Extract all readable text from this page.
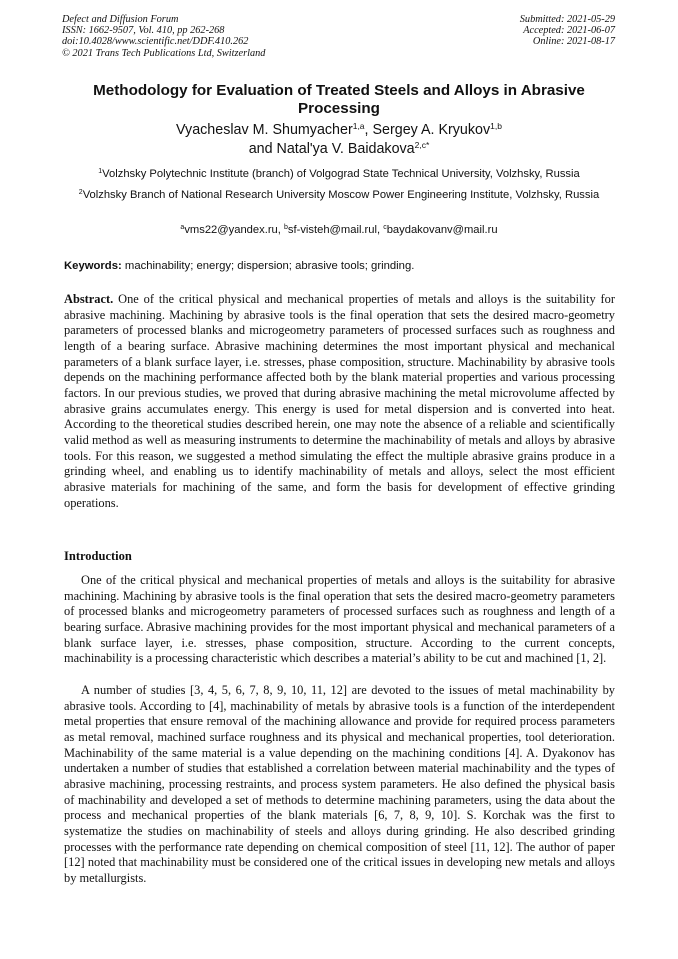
Defect and Diffusion Forum
ISSN: 1662-9507, Vol. 410, pp 262-268
doi:10.4028/www.scientific.net/DDF.410.262
© 2021 Trans Tech Publications Ltd, Switzerland
Submitted: 2021-05-29
Accepted: 2021-06-07
Online: 2021-08-17
Methodology for Evaluation of Treated Steels and Alloys in Abrasive Processing
Vyacheslav M. Shumyacher$^{1,a}$, Sergey A. Kryukov$^{1,b}$
and Natal'ya V. Baidakova$^{2,c*}$
$^1$Volzhsky Polytechnic Institute (branch) of Volgograd State Technical University, Volzhsky, Russia
$^2$Volzhsky Branch of National Research University Moscow Power Engineering Institute, Volzhsky, Russia
$^a$vms22@yandex.ru, $^b$sf-visteh@mail.rul, $^c$baydakovanv@mail.ru
Keywords: machinability; energy; dispersion; abrasive tools; grinding.
Abstract. One of the critical physical and mechanical properties of metals and alloys is the suitability for abrasive machining. Machining by abrasive tools is the final operation that sets the desired macro-geometry parameters of processed blanks and microgeometry parameters of processed surfaces such as roughness and length of a bearing surface. Abrasive machining determines the most important physical and mechanical parameters of a blank surface layer, i.e. stresses, phase composition, structure. Machinability by abrasive tools depends on the machining performance affected both by the blank material properties and various processing factors. In our previous studies, we proved that during abrasive machining the metal microvolume affected by abrasive grains accumulates energy. This energy is used for metal dispersion and is converted into heat. According to the theoretical studies described herein, one may note the absence of a reliable and scientifically valid method as well as measuring instruments to determine the machinability of metals and alloys by abrasive tools. For this reason, we suggested a method simulating the effect the multiple abrasive grains produce in a grinding wheel, and enabling us to identify machinability of metals and alloys, select the most efficient abrasive materials for machining of the same, and form the basis for development of effective grinding operations.
Introduction
One of the critical physical and mechanical properties of metals and alloys is the suitability for abrasive machining. Machining by abrasive tools is the final operation that sets the desired macro-geometry parameters of processed blanks and microgeometry parameters of processed surfaces such as roughness and length of a bearing surface. Abrasive machining provides for the most important physical and mechanical parameters of a blank surface layer, i.e. stresses, phase composition, structure. According to the current concepts, machinability is a processing characteristic which describes a material’s ability to be cut and machined [1, 2].
A number of studies [3, 4, 5, 6, 7, 8, 9, 10, 11, 12] are devoted to the issues of metal machinability by abrasive tools. According to [4], machinability of metals by abrasive tools is a function of the interdependent metal properties that ensure removal of the machining allowance and provide for required process parameters as metal removal, machined surface roughness and its physical and mechanical properties, tool deterioration. Machinability of the same material is a value depending on the machining conditions [4]. A. Dyakonov has undertaken a number of studies that established a correlation between material machinability and the types of abrasive machining, processing restraints, and process system parameters. He also defined the physical basis of machinability and developed a set of methods to determine machining parameters, using the data about the process and mechanical properties of the blank materials [6, 7, 8, 9, 10]. S. Korchak was the first to systematize the studies on machinability of steels and alloys during grinding. He also described grinding processes with the performance rate depending on chemical composition of steel [11, 12]. The author of paper [12] noted that machinability must be considered one of the critical issues in developing new metals and alloys by metallurgists.
